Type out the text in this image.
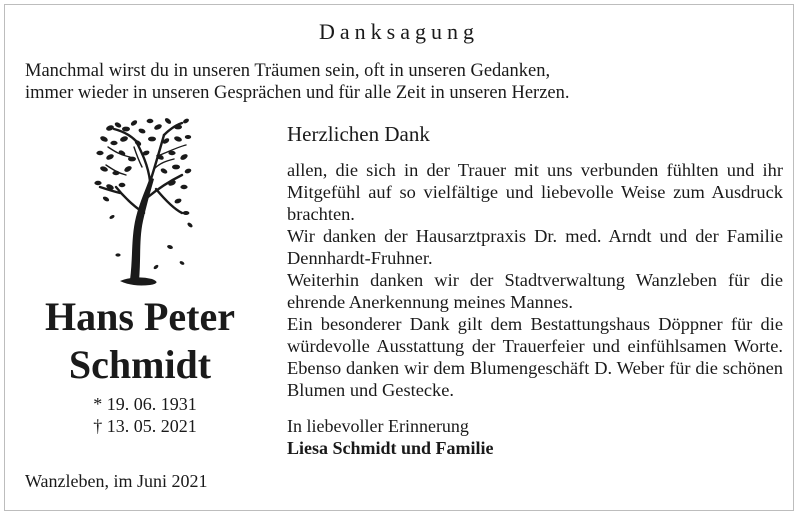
Danksagung
Manchmal wirst du in unseren Träumen sein, oft in unseren Gedanken,
immer wieder in unseren Gesprächen und für alle Zeit in unseren Herzen.
Hans Peter
Schmidt
* 19. 06. 1931
† 13. 05. 2021
Wanzleben, im Juni 2021
Herzlichen Dank

allen, die sich in der Trauer mit uns verbunden fühlten und ihr Mitgefühl auf so vielfältige und liebevolle Weise zum Ausdruck brachten.

Wir danken der Hausarztpraxis Dr. med. Arndt und der Familie Dennhardt-Fruhner.

Weiterhin danken wir der Stadtverwaltung Wanzleben für die ehrende Anerkennung meines Mannes.

Ein besonderer Dank gilt dem Bestattungshaus Döppner für die würdevolle Ausstattung der Trauerfeier und einfühlsamen Worte. Ebenso danken wir dem Blumengeschäft D. Weber für die schönen Blumen und Gestecke.

In liebevoller Erinnerung
Liesa Schmidt und Familie
